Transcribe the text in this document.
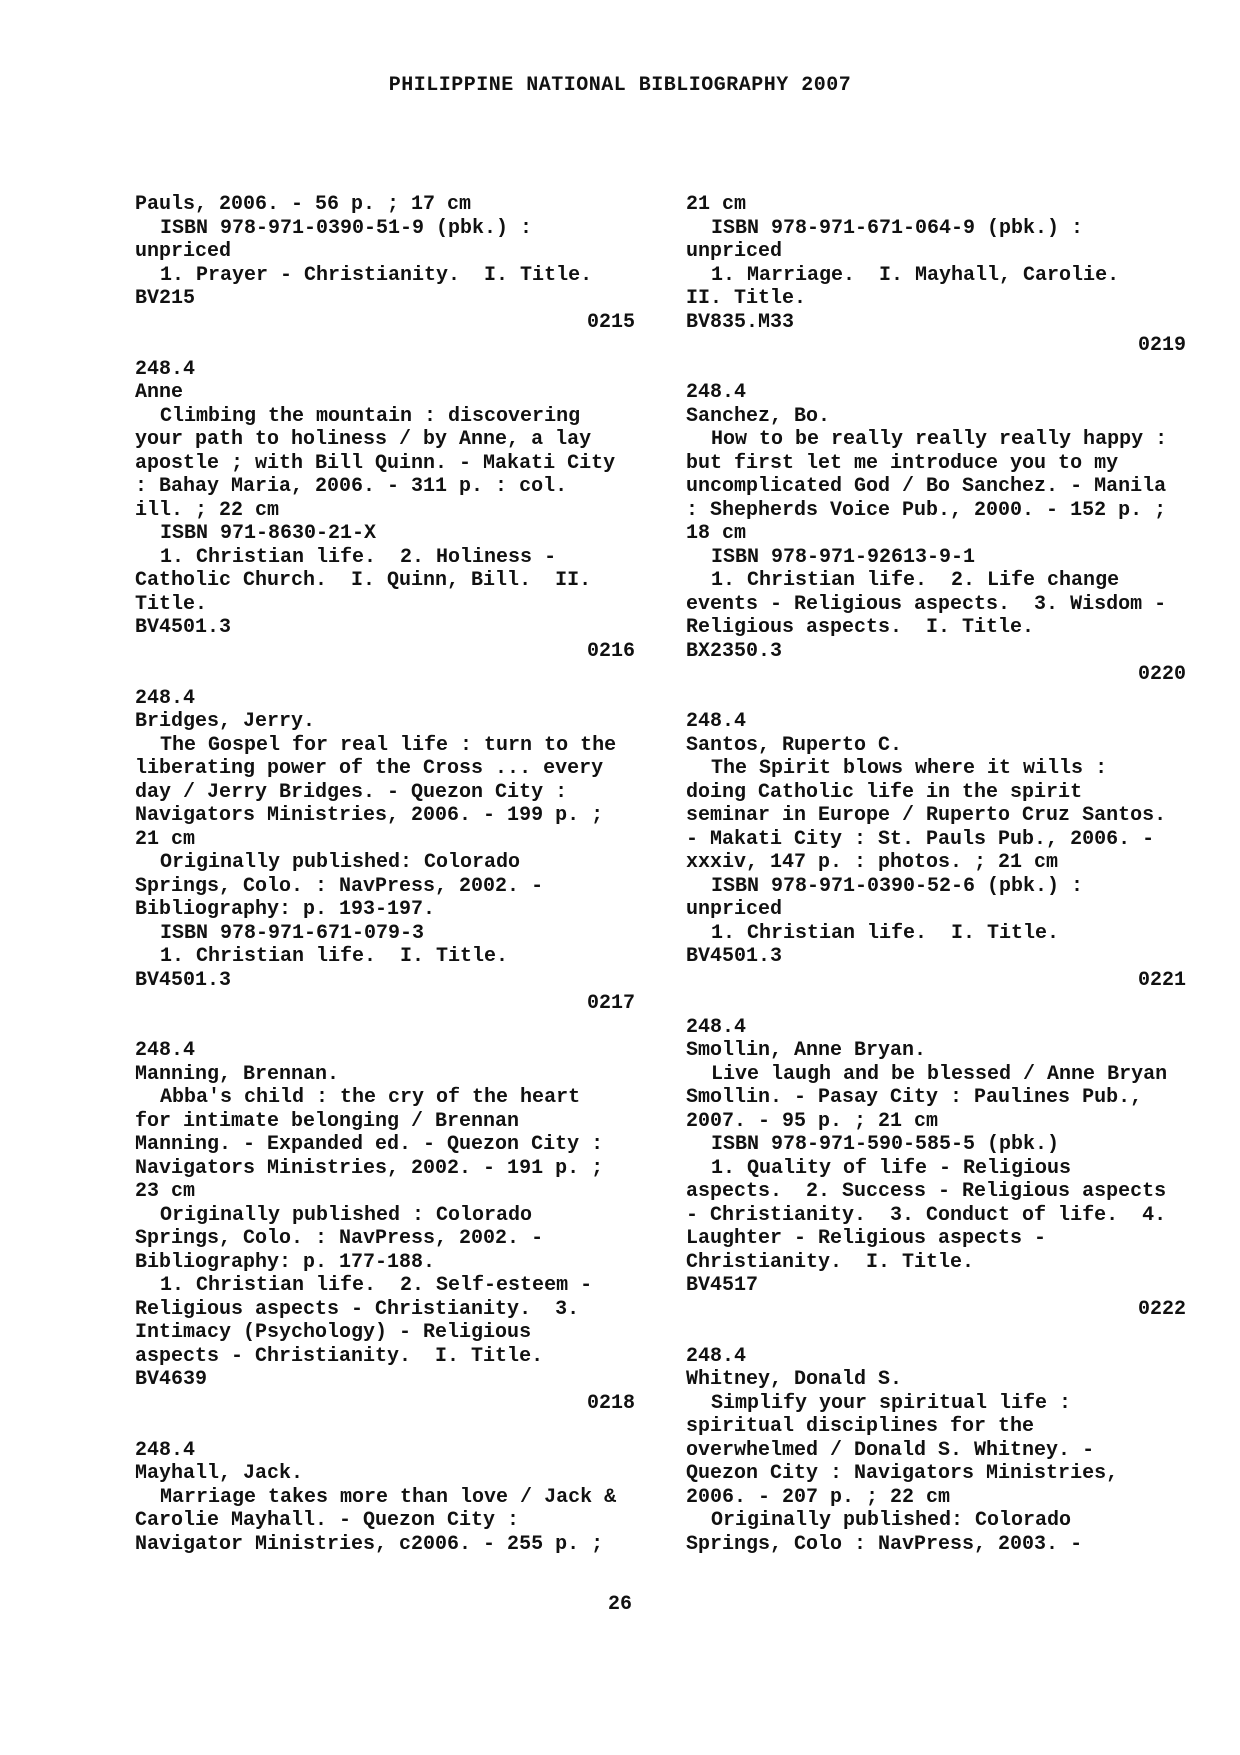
PHILIPPINE NATIONAL BIBLIOGRAPHY 2007
Pauls, 2006. - 56 p. ; 17 cm
ISBN 978-971-0390-51-9 (pbk.) :
unpriced
1. Prayer - Christianity.  I. Title.
BV215
0215
248.4
Anne
Climbing the mountain : discovering
your path to holiness / by Anne, a lay
apostle ; with Bill Quinn. - Makati City
: Bahay Maria, 2006. - 311 p. : col.
ill. ; 22 cm
ISBN 971-8630-21-X
1. Christian life.  2. Holiness -
Catholic Church.  I. Quinn, Bill.  II.
Title.
BV4501.3
0216
248.4
Bridges, Jerry.
The Gospel for real life : turn to the
liberating power of the Cross ... every
day / Jerry Bridges. - Quezon City :
Navigators Ministries, 2006. - 199 p. ;
21 cm
Originally published: Colorado
Springs, Colo. : NavPress, 2002. -
Bibliography: p. 193-197.
ISBN 978-971-671-079-3
1. Christian life.  I. Title.
BV4501.3
0217
248.4
Manning, Brennan.
Abba's child : the cry of the heart
for intimate belonging / Brennan
Manning. - Expanded ed. - Quezon City :
Navigators Ministries, 2002. - 191 p. ;
23 cm
Originally published : Colorado
Springs, Colo. : NavPress, 2002. -
Bibliography: p. 177-188.
1. Christian life.  2. Self-esteem -
Religious aspects - Christianity.  3.
Intimacy (Psychology) - Religious
aspects - Christianity.  I. Title.
BV4639
0218
248.4
Mayhall, Jack.
Marriage takes more than love / Jack &
Carolie Mayhall. - Quezon City :
Navigator Ministries, c2006. - 255 p. ;
21 cm
ISBN 978-971-671-064-9 (pbk.) :
unpriced
1. Marriage.  I. Mayhall, Carolie.
II. Title.
BV835.M33
0219
248.4
Sanchez, Bo.
How to be really really really happy :
but first let me introduce you to my
uncomplicated God / Bo Sanchez. - Manila
: Shepherds Voice Pub., 2000. - 152 p. ;
18 cm
ISBN 978-971-92613-9-1
1. Christian life.  2. Life change
events - Religious aspects.  3. Wisdom -
Religious aspects.  I. Title.
BX2350.3
0220
248.4
Santos, Ruperto C.
The Spirit blows where it wills :
doing Catholic life in the spirit
seminar in Europe / Ruperto Cruz Santos.
- Makati City : St. Pauls Pub., 2006. -
xxxiv, 147 p. : photos. ; 21 cm
ISBN 978-971-0390-52-6 (pbk.) :
unpriced
1. Christian life.  I. Title.
BV4501.3
0221
248.4
Smollin, Anne Bryan.
Live laugh and be blessed / Anne Bryan
Smollin. - Pasay City : Paulines Pub.,
2007. - 95 p. ; 21 cm
ISBN 978-971-590-585-5 (pbk.)
1. Quality of life - Religious
aspects.  2. Success - Religious aspects
- Christianity.  3. Conduct of life.  4.
Laughter - Religious aspects -
Christianity.  I. Title.
BV4517
0222
248.4
Whitney, Donald S.
Simplify your spiritual life :
spiritual disciplines for the
overwhelmed / Donald S. Whitney. -
Quezon City : Navigators Ministries,
2006. - 207 p. ; 22 cm
Originally published: Colorado
Springs, Colo : NavPress, 2003. -
26
